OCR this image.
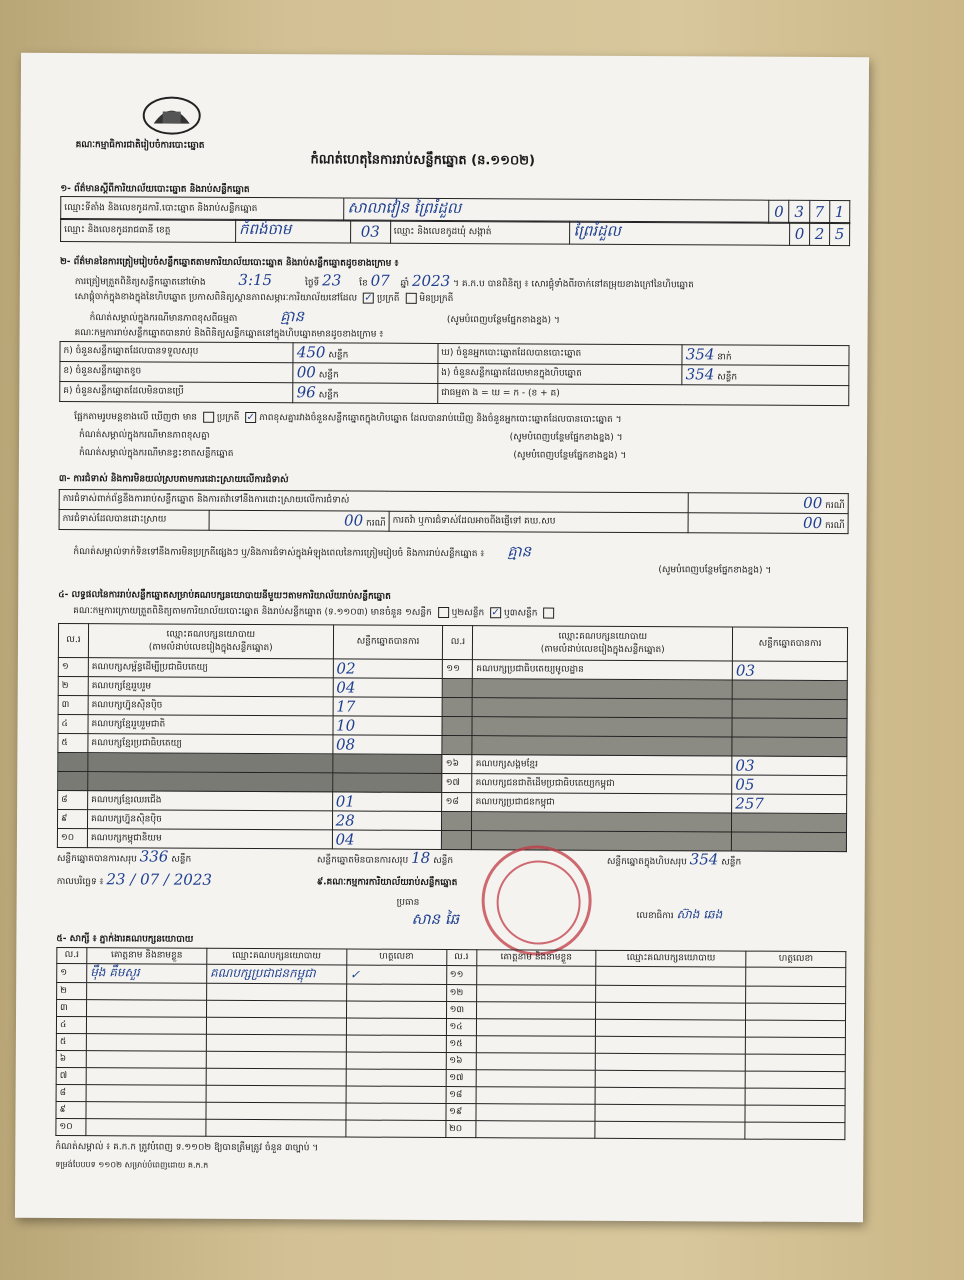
គណៈកម្មាធិការជាតិរៀបចំការបោះឆ្នោត
កំណត់ហេតុនៃការរាប់សន្លឹកឆ្នោត (ន.១១០២)
១- ព័ត៌មានស្ដីពីការិយាល័យបោះឆ្នោត និងរាប់សន្លឹកឆ្នោត
ឈ្មោះទីតាំង និងលេខកូដការិ.បោះឆ្នោត និងរាប់សន្លឹកឆ្នោត	សាលាវៀន ព្រៃរំដួល	0	3	7	1
ឈ្មោះ និងលេខកូដរាជធានី ខេត្ត	កំពង់ចាម	03	ឈ្មោះ និងលេខកូដឃុំ សង្កាត់	ព្រៃរំដួល	0	2	5
២- ព័ត៌មាននៃការត្រៀមរៀបចំសន្លឹកឆ្នោតតាមការិយាល័យបោះឆ្នោត និងរាប់សន្លឹកឆ្នោតដូចខាងក្រោម ៖
ការត្រៀមត្រួតពិនិត្យសន្លឹកឆ្នោតនៅម៉ោង 3:15	ថ្ងៃទី 23 ខែ 07 ឆ្នាំ 2023 ។ គ.ក.ប បានពិនិត្យ ៖ សោរផ្ដុំទាំងពីរចាក់នៅតម្រុយខាងក្រៅនៃហិបឆ្នោត
សោផ្ដុំចាក់ក្នុងខាងក្នុងនៃហិបឆ្នោត ប្រកាសពិនិត្យស្ថានភាពសម្ភារៈការិយាល័យនៅដែល ✓ ប្រក្រតី មិនប្រក្រតី
កំណត់សម្គាល់ក្នុងករណីមានភាពខុសពីធម្មតា	គ្មាន	(សូមបំពេញបន្ថែមផ្នែកខាងខ្នង) ។
គណៈកម្មការរាប់សន្លឹកឆ្នោតបានរាប់ និងពិនិត្យសន្លឹកឆ្នោតនៅក្នុងហិបឆ្នោតមានដូចខាងក្រោម ៖
ក) ចំនួនសន្លឹកឆ្នោតដែលបានទទួលសរុប	450 សន្លឹក	ឃ) ចំនួនអ្នកបោះឆ្នោតដែលបានបោះឆ្នោត	354 នាក់
ខ) ចំនួនសន្លឹកឆ្នោតខូច	00 សន្លឹក	ង) ចំនួនសន្លឹកឆ្នោតដែលមានក្នុងហិបឆ្នោត	354 សន្លឹក
គ) ចំនួនសន្លឹកឆ្នោតដែលមិនបានប្រើ	96 សន្លឹក	ជាធម្មតា ង = ឃ = ក - (ខ + គ)	
ផ្អែកតាមរូបមន្តខាងលើ ឃើញថា មាន ប្រក្រតី ✓ ភាពខុសគ្នារវាងចំនួនសន្លឹកឆ្នោតក្នុងហិបឆ្នោត ដែលបានរាប់ឃើញ និងចំនួនអ្នកបោះឆ្នោតដែលបានបោះឆ្នោត ។
កំណត់សម្គាល់ក្នុងករណីមានភាពខុសគ្នា	(សូមបំពេញបន្ថែមផ្នែកខាងខ្នង) ។
កំណត់សម្គាល់ក្នុងករណីមានខ្វះខាតសន្លឹកឆ្នោត	(សូមបំពេញបន្ថែមផ្នែកខាងខ្នង) ។
៣- ការជំទាស់ និងការមិនយល់ស្របតាមការដោះស្រាយលើការជំទាស់
ការជំទាស់ពាក់ព័ន្ធនឹងការរាប់សន្លឹកឆ្នោត និងការតវ៉ាទៅនឹងការដោះស្រាយលើការជំទាស់			00 ករណី
ការជំទាស់ដែលបានដោះស្រាយ	00 ករណី	ការតវ៉ា ឬការជំទាស់ដែលអាចពីងផ្ញើទៅ គឃ.សប	00 ករណី
កំណត់សម្គាល់ទាក់ទិនទៅនឹងការមិនប្រក្រតីផ្សេងៗ ឬ/និងការជំទាស់ក្នុងអំឡុងពេលនៃការត្រៀមរៀបចំ និងការរាប់សន្លឹកឆ្នោត ៖ គ្មាន
(សូមបំពេញបន្ថែមផ្នែកខាងខ្នង) ។
៤- លទ្ធផលនៃការរាប់សន្លឹកឆ្នោតសម្រាប់គណបក្សនយោបាយនីមួយៗតាមការិយាល័យរាប់សន្លឹកឆ្នោត
គណៈកម្មការក្រោយត្រួតពិនិត្យតាមការិយាល័យបោះឆ្នោត និងរាប់សន្លឹកឆ្នោត (ទ.១១០៣) មានចំនួន ១សន្លឹក ឬ២សន្លឹក ✓ ឬ៣សន្លឹក
ល.រ	ឈ្មោះគណបក្សនយោបាយ
(តាមលំដាប់លេខរៀងក្នុងសន្លឹកឆ្នោត)	សន្លឹកឆ្នោតបានការ	ល.រ	ឈ្មោះគណបក្សនយោបាយ
(តាមលំដាប់លេខរៀងក្នុងសន្លឹកឆ្នោត)	សន្លឹកឆ្នោតបានការ
១	គណបក្សសម្ព័ន្ធដើម្បីប្រជាធិបតេយ្យ	02	១១	គណបក្សប្រជាធិបតេយ្យមូលដ្ឋាន	03
២	គណបក្សខ្មែររួបរួម	04			
៣	គណបក្សហ្វ៊ុនស៊ិនប៉ិច	17			
៤	គណបក្សខ្មែររួបរួមជាតិ	10			
៥	គណបក្សខ្មែរប្រជាធិបតេយ្យ	08			
			១៦	គណបក្សសង្គមខ្មែរ	03
			១៧	គណបក្សជនជាតិដើមប្រជាធិបតេយ្យកម្ពុជា	05
៨	គណបក្សខ្មែរឈរជើង	01	១៨	គណបក្សប្រជាជនកម្ពុជា	257
៩	គណបក្សហ្វ៊ុនស៊ិនប៉ិច	28			
១០	គណបក្សកម្ពុជានិយម	04			
សន្លឹកឆ្នោតបានការសរុប 336 សន្លឹក	សន្លឹកឆ្នោតមិនបានការសរុប 18 សន្លឹក	សន្លឹកឆ្នោតក្នុងហិបសរុប 354 សន្លឹក
កាលបរិច្ឆេទ ៖ 23 / 07 / 2023	៩.គណៈកម្មការការិយាល័យរាប់សន្លឹកឆ្នោត
ប្រធាន
សាន ឆៃ	លេខាធិការ ស៊ាង ឆេង
៥- សាក្សី ៖ ភ្នាក់ងារគណបក្សនយោបាយ
ល.រ	គោត្តនាម និងនាមខ្លួន	ឈ្មោះគណបក្សនយោបាយ	ហត្ថលេខា	ល.រ	គោត្តនាម និងនាមខ្លួន	ឈ្មោះគណបក្សនយោបាយ	ហត្ថលេខា
១	ម៉ឹង គឹមសួរ	គណបក្សប្រជាជនកម្ពុជា	✓	១១			
២				១២			
៣				១៣			
៤				១៤			
៥				១៥			
៦				១៦			
៧				១៧			
៨				១៨			
៩				១៩			
១០				២០			
កំណត់សម្គាល់ ៖ គ.ក.ក ត្រូវបំពេញ ទ.១១០២ ឱ្យបានត្រឹមត្រូវ ចំនួន ៣ច្បាប់ ។
ទម្រង់បែបបទ ១១០២ សម្រាប់បំពេញដោយ គ.ក.ក
